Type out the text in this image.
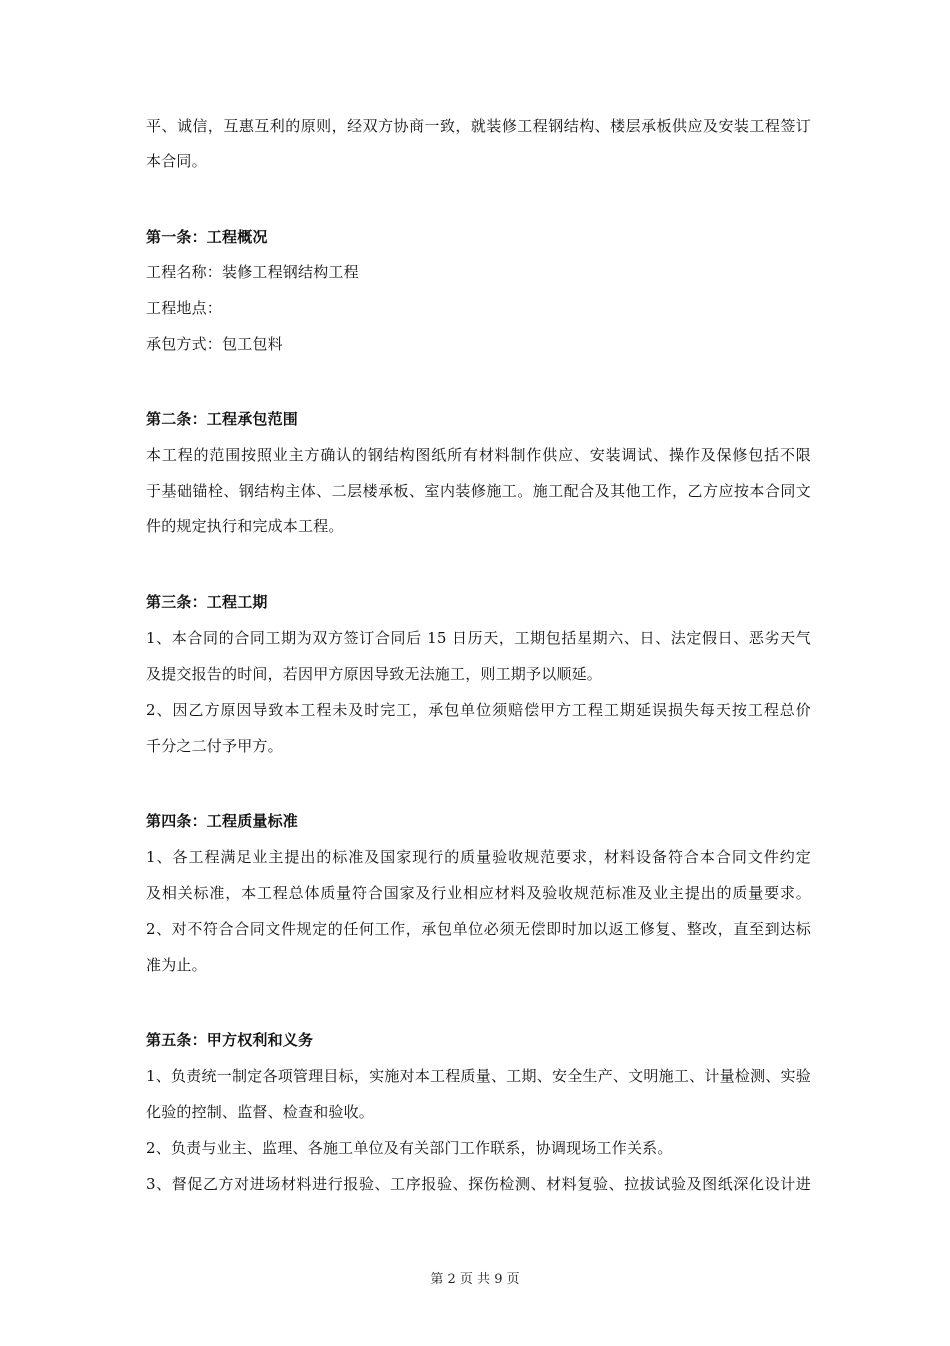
平、诚信，互惠互利的原则，经双方协商一致，就装修工程钢结构、楼层承板供应及安装工程签订
本合同。
第一条：工程概况
工程名称：装修工程钢结构工程
工程地点：
承包方式：包工包料
第二条：工程承包范围
本工程的范围按照业主方确认的钢结构图纸所有材料制作供应、安装调试、操作及保修包括不限
于基础锚栓、钢结构主体、二层楼承板、室内装修施工。施工配合及其他工作，乙方应按本合同文
件的规定执行和完成本工程。
第三条：工程工期
1、本合同的合同工期为双方签订合同后 15 日历天，工期包括星期六、日、法定假日、恶劣天气
及提交报告的时间，若因甲方原因导致无法施工，则工期予以顺延。
2、因乙方原因导致本工程未及时完工，承包单位须赔偿甲方工程工期延误损失每天按工程总价
千分之二付予甲方。
第四条：工程质量标准
1、各工程满足业主提出的标准及国家现行的质量验收规范要求，材料设备符合本合同文件约定
及相关标准，本工程总体质量符合国家及行业相应材料及验收规范标准及业主提出的质量要求。
2、对不符合合同文件规定的任何工作，承包单位必须无偿即时加以返工修复、整改，直至到达标
准为止。
第五条：甲方权利和义务
1、负责统一制定各项管理目标，实施对本工程质量、工期、安全生产、文明施工、计量检测、实验
化验的控制、监督、检查和验收。
2、负责与业主、监理、各施工单位及有关部门工作联系，协调现场工作关系。
3、督促乙方对进场材料进行报验、工序报验、探伤检测、材料复验、拉拔试验及图纸深化设计进
第 2 页 共 9 页
